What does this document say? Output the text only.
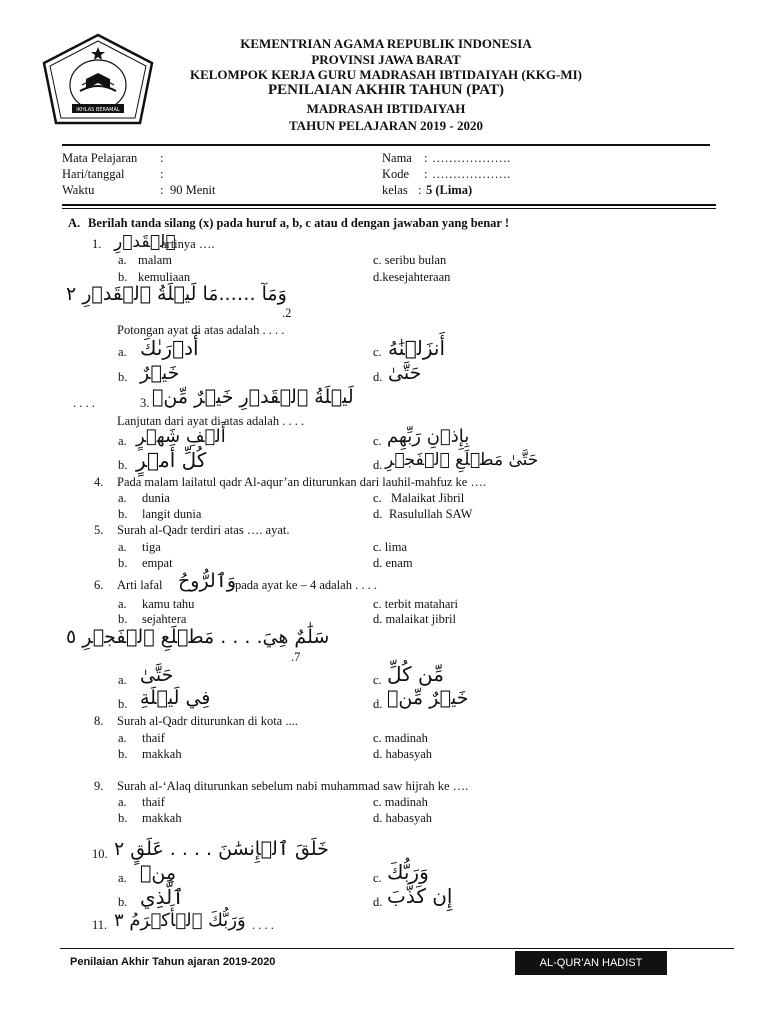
IKHLAS BERAMAL
KEMENTRIAN AGAMA REPUBLIK INDONESIA
PROVINSI JAWA BARAT
KELOMPOK KERJA GURU MADRASAH IBTIDAIYAH (KKG-MI)
PENILAIAN AKHIR TAHUN (PAT)
MADRASAH IBTIDAIYAH
TAHUN PELAJARAN 2019 - 2020
Mata Pelajaran :
Hari/tanggal	:
Waktu	: 90 Menit
Nama : ……………….
Kode : ……………….
kelas : 5 (Lima)
A. Berilah tanda silang (x) pada huruf a, b, c atau d dengan jawaban yang benar !
1. ٱلۡقَدۡرِ
artinya ….
a. malam
b. kemuliaan
c. seribu bulan
d.kesejahteraan
وَمَآ .…..مَا لَيۡلَةُ ٱلۡقَدۡرِ ٢
.2
Potongan ayat di atas adalah . . . .
a. أَدۡرَىٰكَ
b. خَيۡرٌ
c. أَنزَلۡنَٰهُ
d. حَتَّىٰ
. . . .	3. لَيۡلَةُ ٱلۡقَدۡرِ خَيۡرٌ مِّنۡ
Lanjutan dari ayat di atas adalah . . . .
a. أَلۡفِ شَهۡرٍ
b. كُلِّ أَمۡرٍ
c. بِإِذۡنِ رَبِّهِم
d. حَتَّىٰ مَطۡلَعِ ٱلۡفَجۡرِ
4. Pada malam lailatul qadr Al-aqur’an diturunkan dari lauhil-mahfuz ke ….
a. dunia
b. langit dunia
c. Malaikat Jibril
d. Rasulullah SAW
5. Surah al-Qadr terdiri atas …. ayat.
a. tiga
b. empat
c. lima
d. enam
6. Arti lafal وَٱلرُّوحُ
pada ayat ke – 4 adalah . . . .
a. kamu tahu
b. sejahtera
c. terbit matahari
d. malaikat jibril
سَلَٰمٌ هِيَ. . . . مَطۡلَعِ ٱلۡفَجۡرِ ٥
.7
a. حَتَّىٰ
b. فِي لَيۡلَةِ
c. مِّن كُلِّ
d. خَيۡرٌ مِّنۡ
8. Surah al-Qadr diturunkan di kota ....
a. thaif
b. makkah
c. madinah
d. habasyah
9. Surah al-‘Alaq diturunkan sebelum nabi muhammad saw hijrah ke ….
a. thaif
b. makkah
c. madinah
d. habasyah
10. خَلَقَ ٱلۡإِنسَٰنَ . . . . عَلَقٍ ٢
a. مِنۡ
b. ٱلَّذِي
c. وَرَبُّكَ
d. إِن كَذَّبَ
11. وَرَبُّكَ ٱلۡأَكۡرَمُ ٣ . . . .
Penilaian Akhir Tahun ajaran 2019-2020	AL-QUR’AN HADIST
